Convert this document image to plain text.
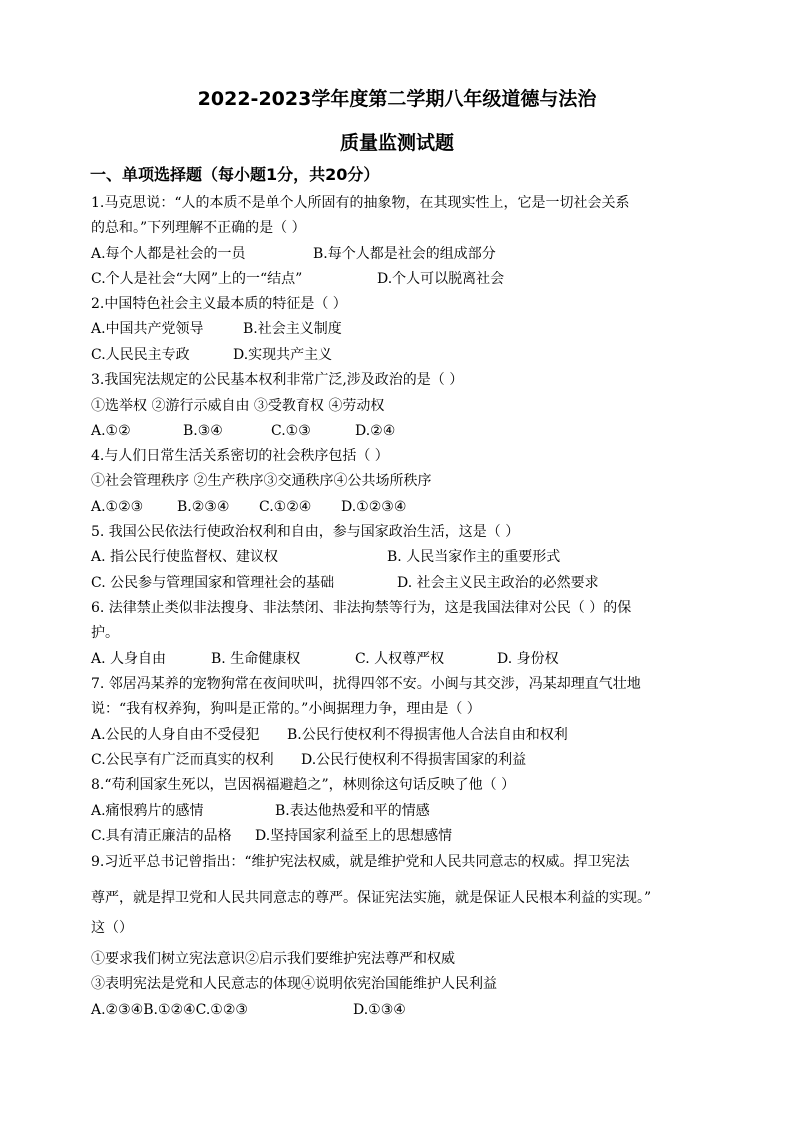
2022-2023学年度第二学期八年级道德与法治
质量监测试题
一、单项选择题（每小题1分，共20分）
1.马克思说：“人的本质不是单个人所固有的抽象物，在其现实性上，它是一切社会关系
的总和。”下列理解不正确的是（ ）
A.每个人都是社会的一员	B.每个人都是社会的组成部分
C.个人是社会“大网”上的一“结点”	D.个人可以脱离社会
2.中国特色社会主义最本质的特征是（ ）
A.中国共产党领导	B.社会主义制度
C.人民民主专政	D.实现共产主义
3.我国宪法规定的公民基本权利非常广泛,涉及政治的是（ ）
①选举权 ②游行示威自由 ③受教育权 ④劳动权
A.①②	B.③④	C.①③	D.②④
4.与人们日常生活关系密切的社会秩序包括（ ）
①社会管理秩序 ②生产秩序③交通秩序④公共场所秩序
A.①②③ B.②③④ C.①②④ D.①②③④
5. 我国公民依法行使政治权利和自由，参与国家政治生活，这是（ ）
A. 指公民行使监督权、建议权	B. 人民当家作主的重要形式
C. 公民参与管理国家和管理社会的基础	D. 社会主义民主政治的必然要求
6. 法律禁止类似非法搜身、非法禁闭、非法拘禁等行为，这是我国法律对公民（ ）的保
护。
A. 人身自由	B. 生命健康权	C. 人权尊严权	D. 身份权
7. 邻居冯某养的宠物狗常在夜间吠叫，扰得四邻不安。小闽与其交涉，冯某却理直气壮地
说：“我有权养狗，狗叫是正常的。”小闽据理力争，理由是（ ）
A.公民的人身自由不受侵犯 B.公民行使权利不得损害他人合法自由和权利
C.公民享有广泛而真实的权利 D.公民行使权利不得损害国家的利益
8.“苟利国家生死以，岂因祸福避趋之”，林则徐这句话反映了他（ ）
A.痛恨鸦片的感情	B.表达他热爱和平的情感
C.具有清正廉洁的品格 D.坚持国家利益至上的思想感情
9.习近平总书记曾指出：“维护宪法权威，就是维护党和人民共同意志的权威。捍卫宪法
尊严，就是捍卫党和人民共同意志的尊严。保证宪法实施，就是保证人民根本利益的实现。”
这（）
①要求我们树立宪法意识②启示我们要维护宪法尊严和权威
③表明宪法是党和人民意志的体现④说明依宪治国能维护人民利益
A.②③④B.①②④C.①②③	D.①③④
